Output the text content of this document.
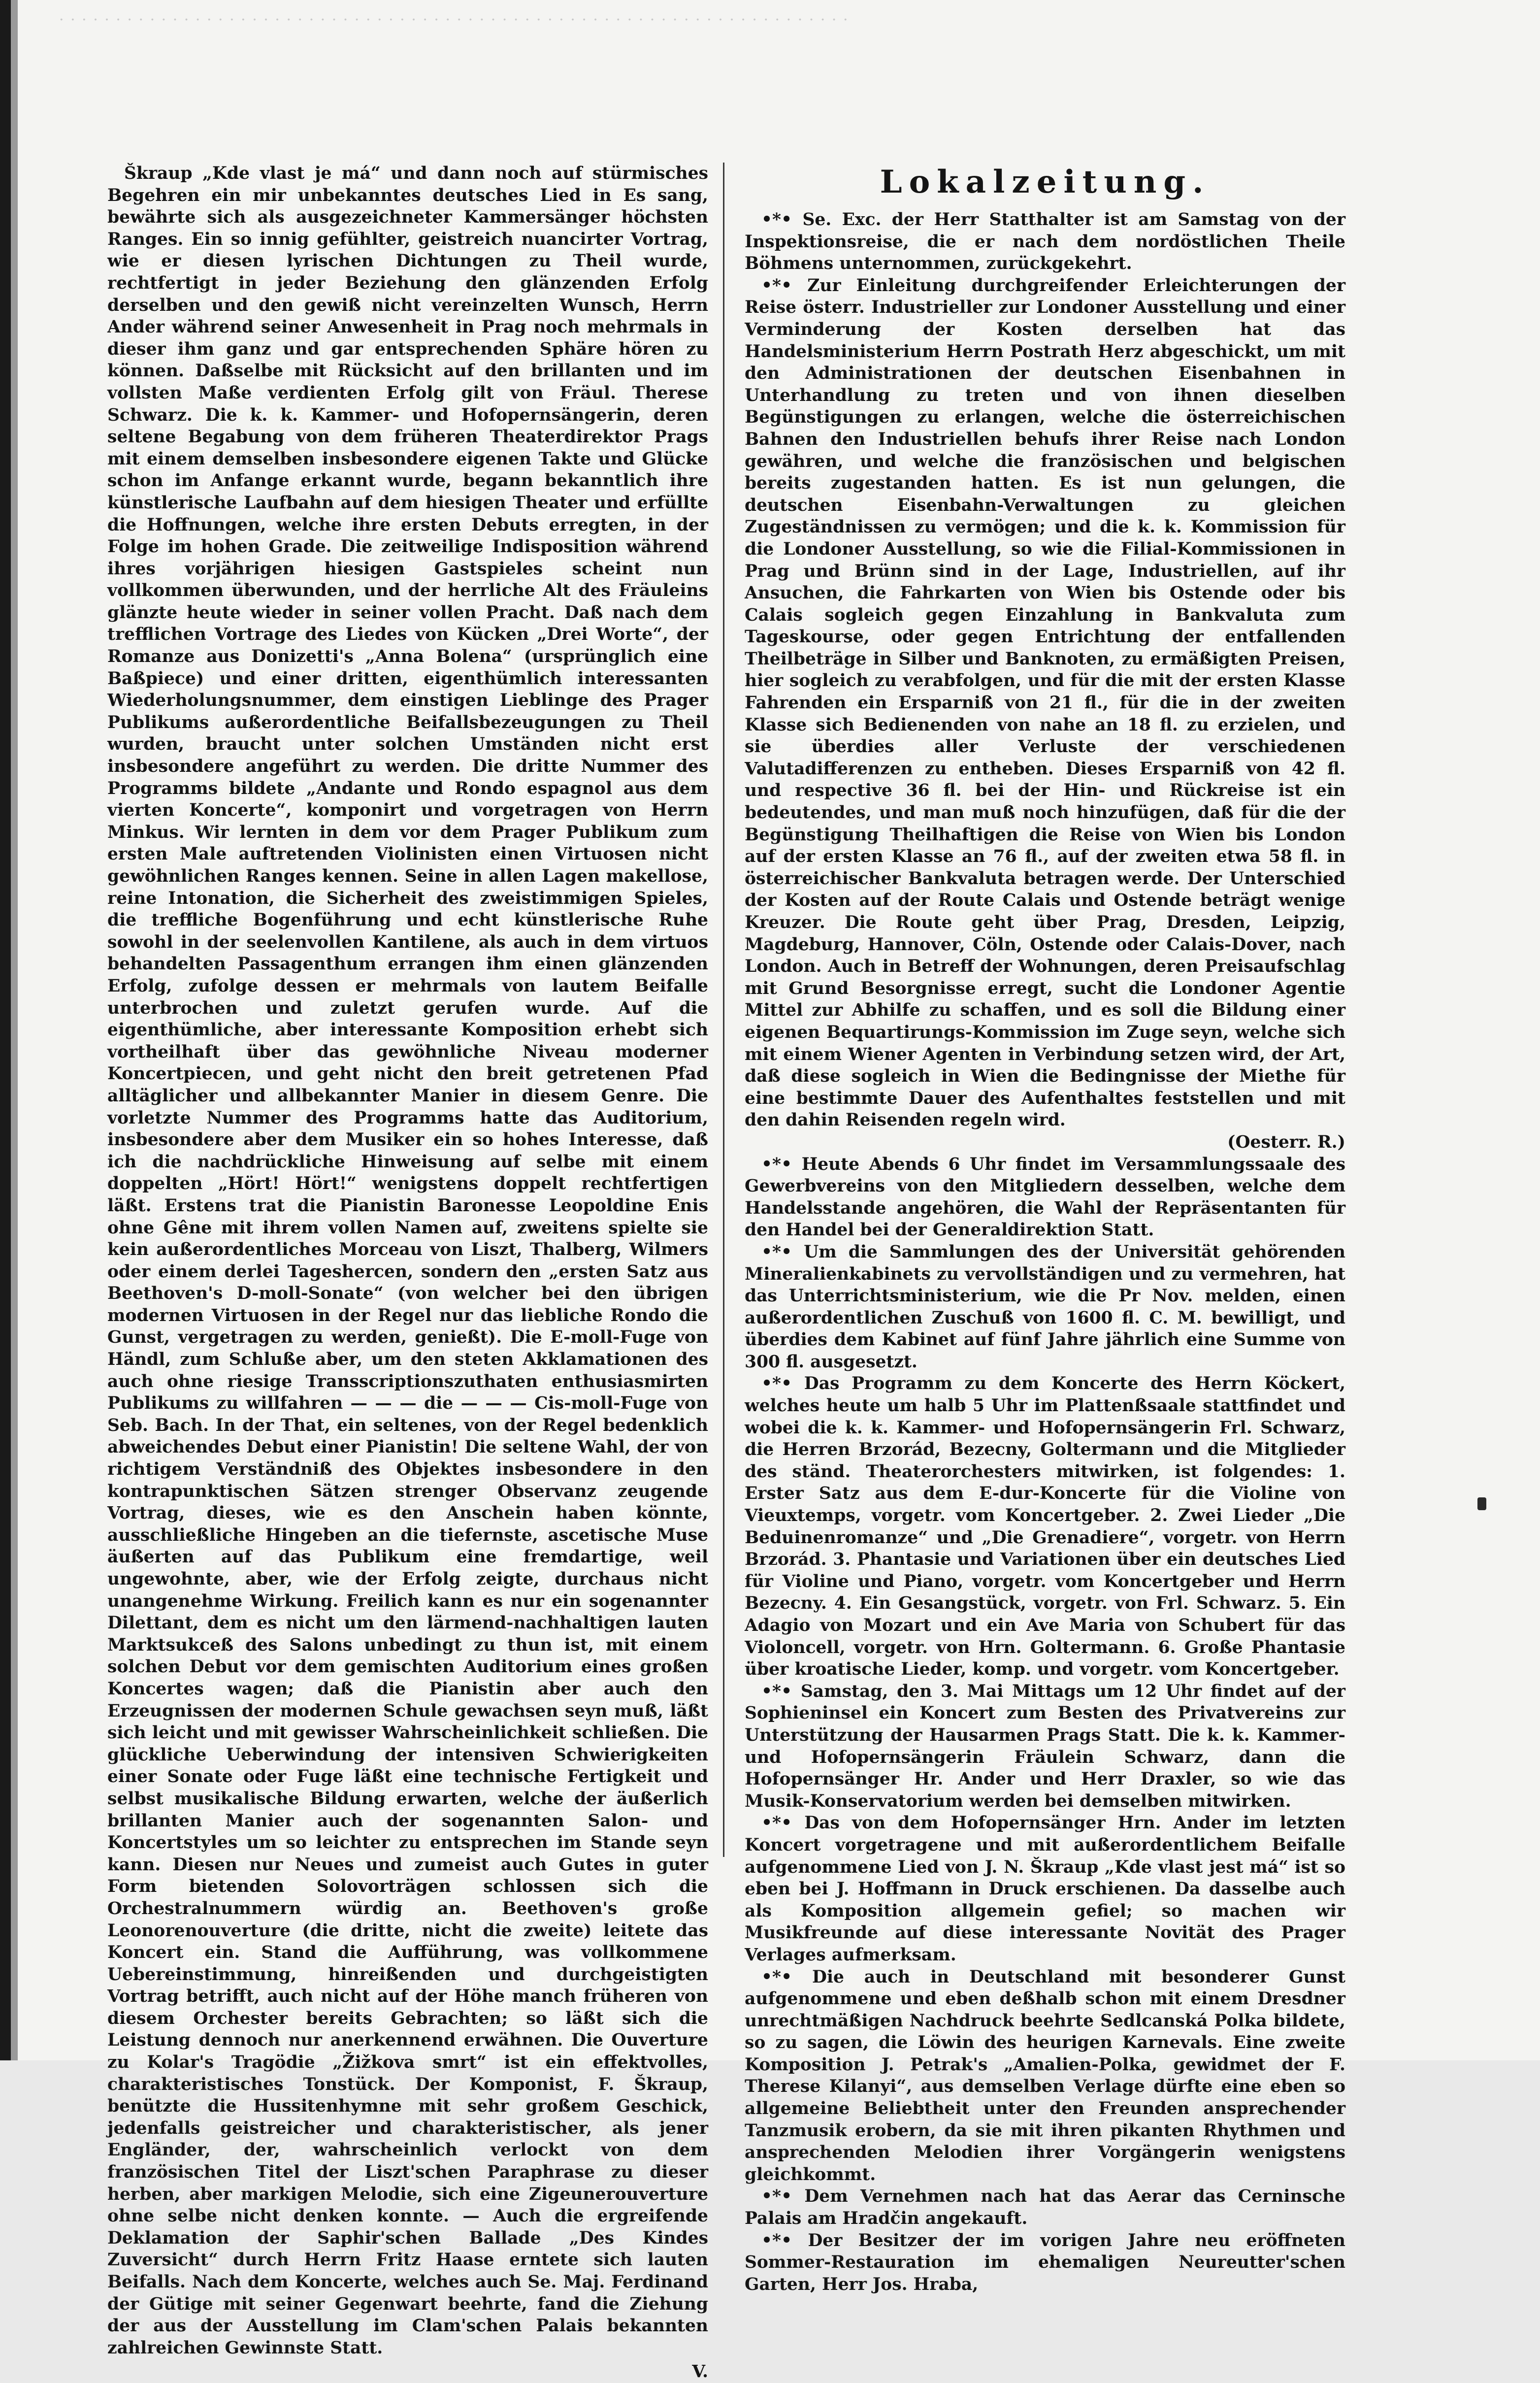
· · · · · · · · · · · · · · · · · · · · · · · · · · · · · · · · · · · · · · · · · · · · · · · · · · · · · · · · · · · · · · · · · · · · · ·

Škraup „Kde vlast je má“ und dann noch auf stürmisches Begehren ein mir unbekanntes deutsches Lied in Es sang, bewährte sich als ausgezeichneter Kammersänger höchsten Ranges. Ein so innig gefühlter, geistreich nuancirter Vortrag, wie er diesen lyrischen Dichtungen zu Theil wurde, rechtfertigt in jeder Beziehung den glänzenden Erfolg derselben und den gewiß nicht vereinzelten Wunsch, Herrn Ander während seiner Anwesenheit in Prag noch mehrmals in dieser ihm ganz und gar entsprechenden Sphäre hören zu können. Daßselbe mit Rücksicht auf den brillanten und im vollsten Maße verdienten Erfolg gilt von Fräul. Therese Schwarz. Die k. k. Kammer- und Hofopernsängerin, deren seltene Begabung von dem früheren Theaterdirektor Prags mit einem demselben insbesondere eigenen Takte und Glücke schon im Anfange erkannt wurde, begann bekanntlich ihre künstlerische Laufbahn auf dem hiesigen Theater und erfüllte die Hoffnungen, welche ihre ersten Debuts erregten, in der Folge im hohen Grade. Die zeitweilige Indisposition während ihres vorjährigen hiesigen Gastspieles scheint nun vollkommen überwunden, und der herrliche Alt des Fräuleins glänzte heute wieder in seiner vollen Pracht. Daß nach dem trefflichen Vortrage des Liedes von Kücken „Drei Worte“, der Romanze aus Donizetti's „Anna Bolena“ (ursprünglich eine Baßpiece) und einer dritten, eigenthümlich interessanten Wiederholungsnummer, dem einstigen Lieblinge des Prager Publikums außerordentliche Beifallsbezeugungen zu Theil wurden, braucht unter solchen Umständen nicht erst insbesondere angeführt zu werden. Die dritte Nummer des Programms bildete „Andante und Rondo espagnol aus dem vierten Koncerte“, komponirt und vorgetragen von Herrn Minkus. Wir lernten in dem vor dem Prager Publikum zum ersten Male auftretenden Violinisten einen Virtuosen nicht gewöhnlichen Ranges kennen. Seine in allen Lagen makellose, reine Intonation, die Sicherheit des zweistimmigen Spieles, die treffliche Bogenführung und echt künstlerische Ruhe sowohl in der seelenvollen Kantilene, als auch in dem virtuos behandelten Passagenthum errangen ihm einen glänzenden Erfolg, zufolge dessen er mehrmals von lautem Beifalle unterbrochen und zuletzt gerufen wurde. Auf die eigenthümliche, aber interessante Komposition erhebt sich vortheilhaft über das gewöhnliche Niveau moderner Koncertpiecen, und geht nicht den breit getretenen Pfad alltäglicher und allbekannter Manier in diesem Genre. Die vorletzte Nummer des Programms hatte das Auditorium, insbesondere aber dem Musiker ein so hohes Interesse, daß ich die nachdrückliche Hinweisung auf selbe mit einem doppelten „Hört! Hört!“ wenigstens doppelt rechtfertigen läßt. Erstens trat die Pianistin Baronesse Leopoldine Enis ohne Gêne mit ihrem vollen Namen auf, zweitens spielte sie kein außerordentliches Morceau von Liszt, Thalberg, Wilmers oder einem derlei Tageshercen, sondern den „ersten Satz aus Beethoven's D-moll-Sonate“ (von welcher bei den übrigen modernen Virtuosen in der Regel nur das liebliche Rondo die Gunst, vergetragen zu werden, genießt). Die E-moll-Fuge von Händl, zum Schluße aber, um den steten Akklamationen des auch ohne riesige Transscriptionszuthaten enthusiasmirten Publikums zu willfahren — — — die — — — Cis-moll-Fuge von Seb. Bach. In der That, ein seltenes, von der Regel bedenklich abweichendes Debut einer Pianistin! Die seltene Wahl, der von richtigem Verständniß des Objektes insbesondere in den kontrapunktischen Sätzen strenger Observanz zeugende Vortrag, dieses, wie es den Anschein haben könnte, ausschließliche Hingeben an die tiefernste, ascetische Muse äußerten auf das Publikum eine fremdartige, weil ungewohnte, aber, wie der Erfolg zeigte, durchaus nicht unangenehme Wirkung. Freilich kann es nur ein sogenannter Dilettant, dem es nicht um den lärmend-nachhaltigen lauten Marktsukceß des Salons unbedingt zu thun ist, mit einem solchen Debut vor dem gemischten Auditorium eines großen Koncertes wagen; daß die Pianistin aber auch den Erzeugnissen der modernen Schule gewachsen seyn muß, läßt sich leicht und mit gewisser Wahrscheinlichkeit schließen. Die glückliche Ueberwindung der intensiven Schwierigkeiten einer Sonate oder Fuge läßt eine technische Fertigkeit und selbst musikalische Bildung erwarten, welche der äußerlich brillanten Manier auch der sogenannten Salon- und Koncertstyles um so leichter zu entsprechen im Stande seyn kann. Diesen nur Neues und zumeist auch Gutes in guter Form bietenden Solovorträgen schlossen sich die Orchestralnummern würdig an. Beethoven's große Leonorenouverture (die dritte, nicht die zweite) leitete das Koncert ein. Stand die Aufführung, was vollkommene Uebereinstimmung, hinreißenden und durchgeistigten Vortrag betrifft, auch nicht auf der Höhe manch früheren von diesem Orchester bereits Gebrachten; so läßt sich die Leistung dennoch nur anerkennend erwähnen. Die Ouverture zu Kolar's Tragödie „Žižkova smrt“ ist ein effektvolles, charakteristisches Tonstück. Der Komponist, F. Škraup, benützte die Hussitenhymne mit sehr großem Geschick, jedenfalls geistreicher und charakteristischer, als jener Engländer, der, wahrscheinlich verlockt von dem französischen Titel der Liszt'schen Paraphrase zu dieser herben, aber markigen Melodie, sich eine Zigeunerouverture ohne selbe nicht denken konnte. — Auch die ergreifende Deklamation der Saphir'schen Ballade „Des Kindes Zuversicht“ durch Herrn Fritz Haase erntete sich lauten Beifalls. Nach dem Koncerte, welches auch Se. Maj. Ferdinand der Gütige mit seiner Gegenwart beehrte, fand die Ziehung der aus der Ausstellung im Clam'schen Palais bekannten zahlreichen Gewinnste Statt.

V.
Lokalzeitung.

•*• Se. Exc. der Herr Statthalter ist am Samstag von der Inspektionsreise, die er nach dem nordöstlichen Theile Böhmens unternommen, zurückgekehrt.

•*• Zur Einleitung durchgreifender Erleichterungen der Reise österr. Industrieller zur Londoner Ausstellung und einer Verminderung der Kosten derselben hat das Handelsministerium Herrn Postrath Herz abgeschickt, um mit den Administrationen der deutschen Eisenbahnen in Unterhandlung zu treten und von ihnen dieselben Begünstigungen zu erlangen, welche die österreichischen Bahnen den Industriellen behufs ihrer Reise nach London gewähren, und welche die französischen und belgischen bereits zugestanden hatten. Es ist nun gelungen, die deutschen Eisenbahn-Verwaltungen zu gleichen Zugeständnissen zu vermögen; und die k. k. Kommission für die Londoner Ausstellung, so wie die Filial-Kommissionen in Prag und Brünn sind in der Lage, Industriellen, auf ihr Ansuchen, die Fahrkarten von Wien bis Ostende oder bis Calais sogleich gegen Einzahlung in Bankvaluta zum Tageskourse, oder gegen Entrichtung der entfallenden Theilbeträge in Silber und Banknoten, zu ermäßigten Preisen, hier sogleich zu verabfolgen, und für die mit der ersten Klasse Fahrenden ein Ersparniß von 21 fl., für die in der zweiten Klasse sich Bedienenden von nahe an 18 fl. zu erzielen, und sie überdies aller Verluste der verschiedenen Valutadifferenzen zu entheben. Dieses Ersparniß von 42 fl. und respective 36 fl. bei der Hin- und Rückreise ist ein bedeutendes, und man muß noch hinzufügen, daß für die der Begünstigung Theilhaftigen die Reise von Wien bis London auf der ersten Klasse an 76 fl., auf der zweiten etwa 58 fl. in österreichischer Bankvaluta betragen werde. Der Unterschied der Kosten auf der Route Calais und Ostende beträgt wenige Kreuzer. Die Route geht über Prag, Dresden, Leipzig, Magdeburg, Hannover, Cöln, Ostende oder Calais-Dover, nach London. Auch in Betreff der Wohnungen, deren Preisaufschlag mit Grund Besorgnisse erregt, sucht die Londoner Agentie Mittel zur Abhilfe zu schaffen, und es soll die Bildung einer eigenen Bequartirungs-Kommission im Zuge seyn, welche sich mit einem Wiener Agenten in Verbindung setzen wird, der Art, daß diese sogleich in Wien die Bedingnisse der Miethe für eine bestimmte Dauer des Aufenthaltes feststellen und mit den dahin Reisenden regeln wird.

(Oesterr. R.)

•*• Heute Abends 6 Uhr findet im Versammlungssaale des Gewerbvereins von den Mitgliedern desselben, welche dem Handelsstande angehören, die Wahl der Repräsentanten für den Handel bei der Generaldirektion Statt.

•*• Um die Sammlungen des der Universität gehörenden Mineralienkabinets zu vervollständigen und zu vermehren, hat das Unterrichtsministerium, wie die Pr Nov. melden, einen außerordentlichen Zuschuß von 1600 fl. C. M. bewilligt, und überdies dem Kabinet auf fünf Jahre jährlich eine Summe von 300 fl. ausgesetzt.

•*• Das Programm zu dem Koncerte des Herrn Köckert, welches heute um halb 5 Uhr im Plattenßsaale stattfindet und wobei die k. k. Kammer- und Hofopernsängerin Frl. Schwarz, die Herren Brzorád, Bezecny, Goltermann und die Mitglieder des ständ. Theaterorchesters mitwirken, ist folgendes: 1. Erster Satz aus dem E-dur-Koncerte für die Violine von Vieuxtemps, vorgetr. vom Koncertgeber. 2. Zwei Lieder „Die Beduinenromanze“ und „Die Grenadiere“, vorgetr. von Herrn Brzorád. 3. Phantasie und Variationen über ein deutsches Lied für Violine und Piano, vorgetr. vom Koncertgeber und Herrn Bezecny. 4. Ein Gesangstück, vorgetr. von Frl. Schwarz. 5. Ein Adagio von Mozart und ein Ave Maria von Schubert für das Violoncell, vorgetr. von Hrn. Goltermann. 6. Große Phantasie über kroatische Lieder, komp. und vorgetr. vom Koncertgeber.

•*• Samstag, den 3. Mai Mittags um 12 Uhr findet auf der Sophieninsel ein Koncert zum Besten des Privatvereins zur Unterstützung der Hausarmen Prags Statt. Die k. k. Kammer- und Hofopernsängerin Fräulein Schwarz, dann die Hofopernsänger Hr. Ander und Herr Draxler, so wie das Musik-Konservatorium werden bei demselben mitwirken.

•*• Das von dem Hofopernsänger Hrn. Ander im letzten Koncert vorgetragene und mit außerordentlichem Beifalle aufgenommene Lied von J. N. Škraup „Kde vlast jest má“ ist so eben bei J. Hoffmann in Druck erschienen. Da dasselbe auch als Komposition allgemein gefiel; so machen wir Musikfreunde auf diese interessante Novität des Prager Verlages aufmerksam.

•*• Die auch in Deutschland mit besonderer Gunst aufgenommene und eben deßhalb schon mit einem Dresdner unrechtmäßigen Nachdruck beehrte Sedlcanská Polka bildete, so zu sagen, die Löwin des heurigen Karnevals. Eine zweite Komposition J. Petrak's „Amalien-Polka, gewidmet der F. Therese Kilanyi“, aus demselben Verlage dürfte eine eben so allgemeine Beliebtheit unter den Freunden ansprechender Tanzmusik erobern, da sie mit ihren pikanten Rhythmen und ansprechenden Melodien ihrer Vorgängerin wenigstens gleichkommt.

•*• Dem Vernehmen nach hat das Aerar das Cerninsche Palais am Hradčin angekauft.

•*• Der Besitzer der im vorigen Jahre neu eröffneten Sommer-Restauration im ehemaligen Neureutter'schen Garten, Herr Jos. Hraba,
